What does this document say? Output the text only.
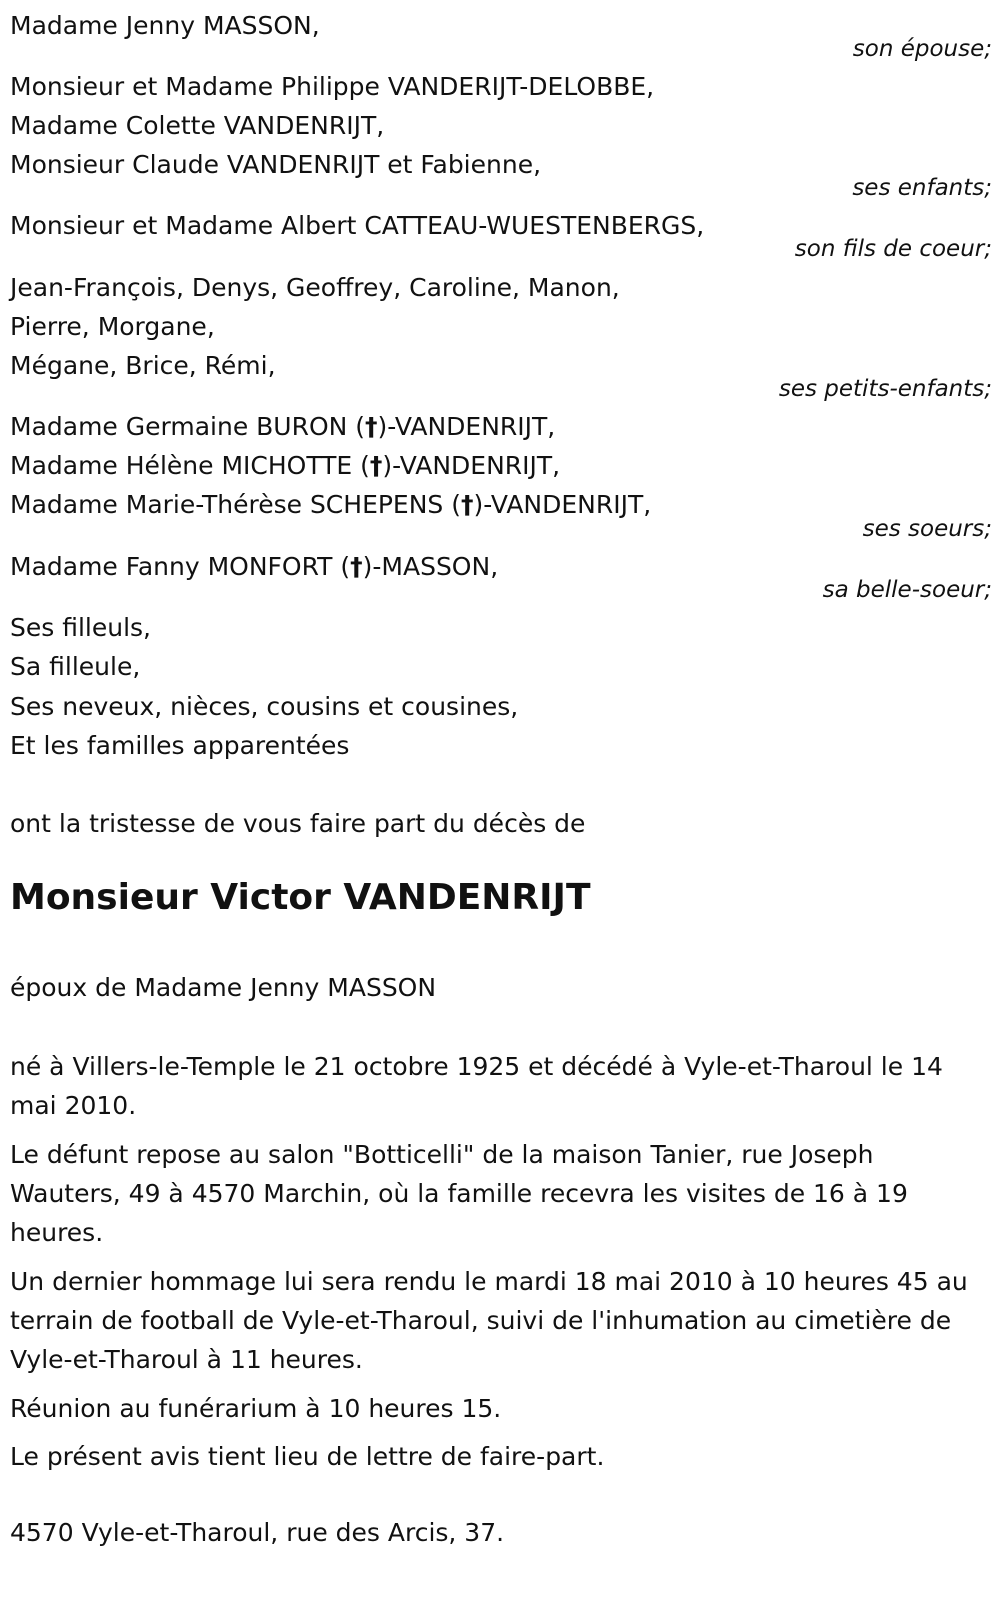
Madame Jenny MASSON,
son épouse;
Monsieur et Madame Philippe VANDERIJT-DELOBBE,
Madame Colette VANDENRIJT,
Monsieur Claude VANDENRIJT et Fabienne,
ses enfants;
Monsieur et Madame Albert CATTEAU-WUESTENBERGS,
son fils de coeur;
Jean-François, Denys, Geoffrey, Caroline, Manon,
Pierre, Morgane,
Mégane, Brice, Rémi,
ses petits-enfants;
Madame Germaine BURON (†)-VANDENRIJT,
Madame Hélène MICHOTTE (†)-VANDENRIJT,
Madame Marie-Thérèse SCHEPENS (†)-VANDENRIJT,
ses soeurs;
Madame Fanny MONFORT (†)-MASSON,
sa belle-soeur;
Ses filleuls,
Sa filleule,
Ses neveux, nièces, cousins et cousines,
Et les familles apparentées
ont la tristesse de vous faire part du décès de
Monsieur Victor VANDENRIJT
époux de Madame Jenny MASSON
né à Villers-le-Temple le 21 octobre 1925 et décédé à Vyle-et-Tharoul le 14 mai 2010.
Le défunt repose au salon "Botticelli" de la maison Tanier, rue Joseph Wauters, 49 à 4570 Marchin, où la famille recevra les visites de 16 à 19 heures.
Un dernier hommage lui sera rendu le mardi 18 mai 2010 à 10 heures 45 au terrain de football de Vyle-et-Tharoul, suivi de l'inhumation au cimetière de Vyle-et-Tharoul à 11 heures.
Réunion au funérarium à 10 heures 15.
Le présent avis tient lieu de lettre de faire-part.
4570 Vyle-et-Tharoul, rue des Arcis, 37.
